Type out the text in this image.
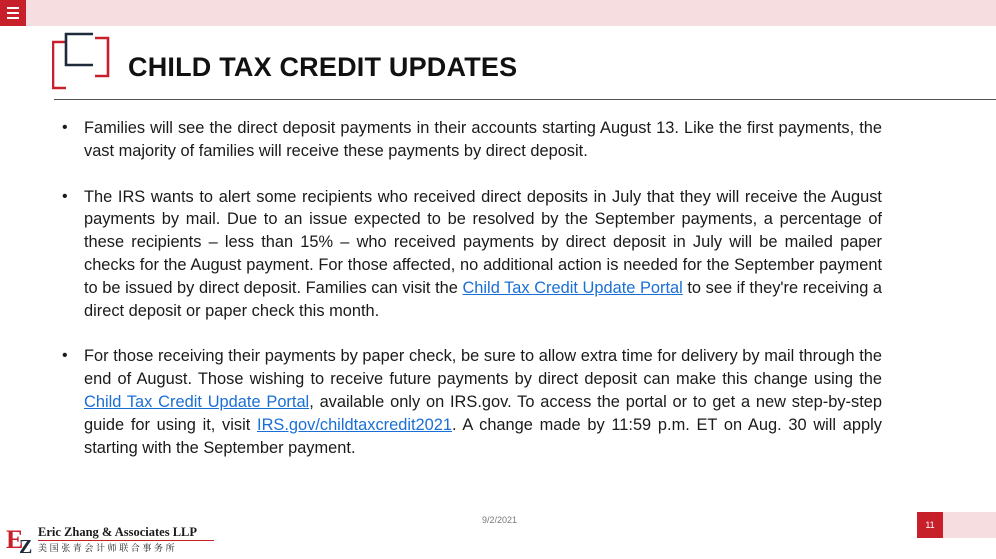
CHILD TAX CREDIT UPDATES
• Families will see the direct deposit payments in their accounts starting August 13. Like the first payments, the vast majority of families will receive these payments by direct deposit.
• The IRS wants to alert some recipients who received direct deposits in July that they will receive the August payments by mail. Due to an issue expected to be resolved by the September payments, a percentage of these recipients – less than 15% – who received payments by direct deposit in July will be mailed paper checks for the August payment. For those affected, no additional action is needed for the September payment to be issued by direct deposit. Families can visit the Child Tax Credit Update Portal to see if they're receiving a direct deposit or paper check this month.
• For those receiving their payments by paper check, be sure to allow extra time for delivery by mail through the end of August. Those wishing to receive future payments by direct deposit can make this change using the Child Tax Credit Update Portal, available only on IRS.gov. To access the portal or to get a new step-by-step guide for using it, visit IRS.gov/childtaxcredit2021. A change made by 11:59 p.m. ET on Aug. 30 will apply starting with the September payment.
9/2/2021	11
E
Z
Eric Zhang & Associates LLP
美国张青会计师联合事务所
